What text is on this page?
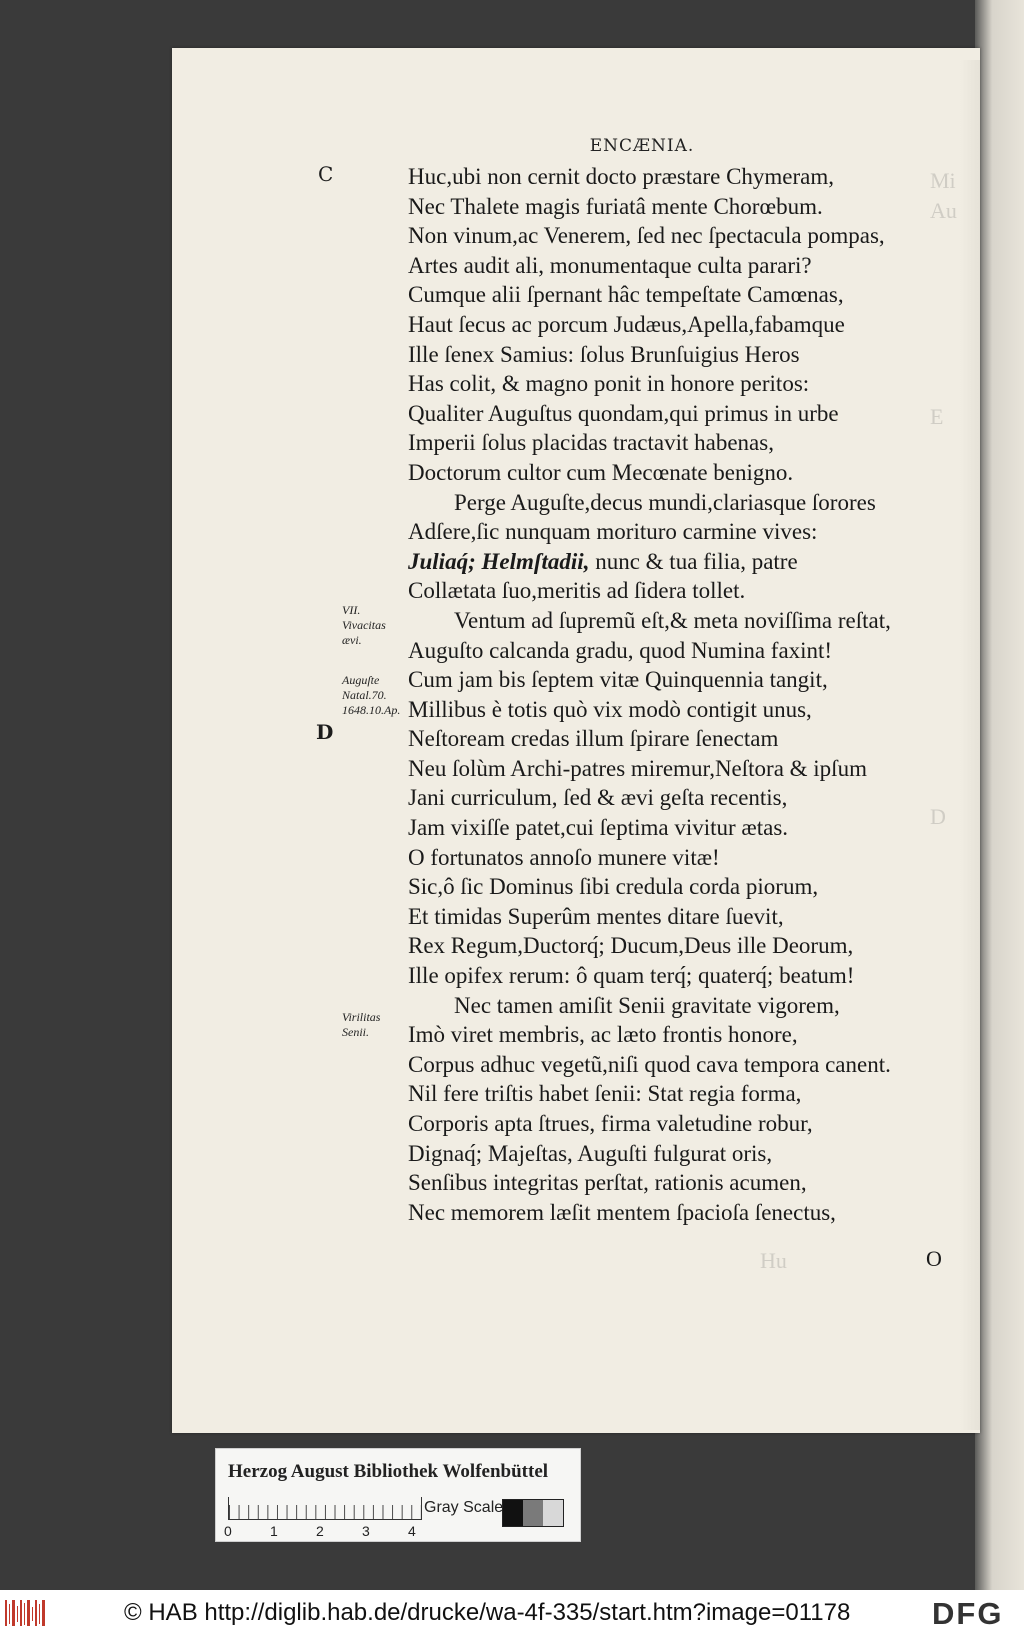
Mi
Au
E
D
Hu
ENCÆNIA.
C
D
Huc,ubi non cernit docto præstare Chymeram,
Nec Thalete magis furiatâ mente Chorœbum.
Non vinum,ac Venerem, ſed nec ſpectacula pompas,
Artes audit ali, monumentaque culta parari?
Cumque alii ſpernant hâc tempeſtate Camœnas,
Haut ſecus ac porcum Judæus,Apella,fabamque
Ille ſenex Samius: ſolus Brunſuigius Heros
Has colit, & magno ponit in honore peritos:
Qualiter Auguſtus quondam,qui primus in urbe
Imperii ſolus placidas tractavit habenas,
Doctorum cultor cum Mecœnate benigno.
Perge Auguſte,decus mundi,clariasque ſorores
Adſere,ſic nunquam morituro carmine vives:
Juliaq́; Helmſtadii, nunc & tua filia, patre
Collætata ſuo,meritis ad ſidera tollet.
Ventum ad ſupremũ eſt,& meta noviſſima reſtat,
Auguſto calcanda gradu, quod Numina faxint!
Cum jam bis ſeptem vitæ Quinquennia tangit,
Millibus è totis quò vix modò contigit unus,
Neſtoream credas illum ſpirare ſenectam
Neu ſolùm Archi-patres miremur,Neſtora & ipſum
Jani curriculum, ſed & ævi geſta recentis,
Jam vixiſſe patet,cui ſeptima vivitur ætas.
O fortunatos annoſo munere vitæ!
Sic,ô ſic Dominus ſibi credula corda piorum,
Et timidas Superûm mentes ditare ſuevit,
Rex Regum,Ductorq́; Ducum,Deus ille Deorum,
Ille opifex rerum: ô quam terq́; quaterq́; beatum!
Nec tamen amiſit Senii gravitate vigorem,
Imò viret membris, ac læto frontis honore,
Corpus adhuc vegetũ,niſi quod cava tempora canent.
Nil fere triſtis habet ſenii: Stat regia forma,
Corporis apta ſtrues, firma valetudine robur,
Dignaq́; Majeſtas, Auguſti fulgurat oris,
Senſibus integritas perſtat, rationis acumen,
Nec memorem læſit mentem ſpacioſa ſenectus,
VII.
Vivacitas
ævi.
Auguſte
Natal.70.
1648.10.Ap.
Virilitas
Senii.
O
Herzog August Bibliothek Wolfenbüttel
0	1	2	3	4
Gray Scale
© HAB http://diglib.hab.de/drucke/wa-4f-335/start.htm?image=01178	DFG
